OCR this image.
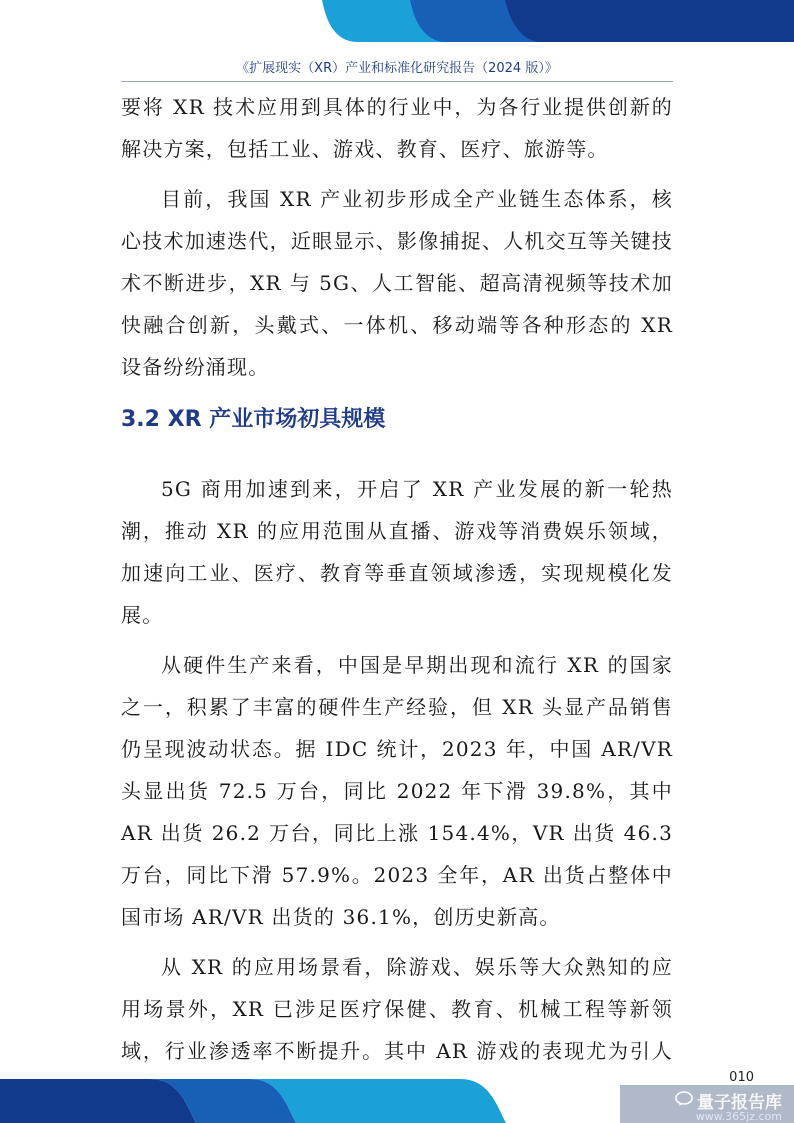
《扩展现实（XR）产业和标准化研究报告（2024 版）》

要将 XR 技术应用到具体的行业中，为各行业提供创新的解决方案，包括工业、游戏、教育、医疗、旅游等。

目前，我国 XR 产业初步形成全产业链生态体系，核心技术加速迭代，近眼显示、影像捕捉、人机交互等关键技术不断进步，XR 与 5G、人工智能、超高清视频等技术加快融合创新，头戴式、一体机、移动端等各种形态的 XR 设备纷纷涌现。

3.2 XR 产业市场初具规模

5G 商用加速到来，开启了 XR 产业发展的新一轮热潮，推动 XR 的应用范围从直播、游戏等消费娱乐领域，加速向工业、医疗、教育等垂直领域渗透，实现规模化发展。

从硬件生产来看，中国是早期出现和流行 XR 的国家之一，积累了丰富的硬件生产经验，但 XR 头显产品销售仍呈现波动状态。据 IDC 统计，2023 年，中国 AR/VR 头显出货 72.5 万台，同比 2022 年下滑 39.8%，其中 AR 出货 26.2 万台，同比上涨 154.4%，VR 出货 46.3 万台，同比下滑 57.9%。2023 全年，AR 出货占整体中国市场 AR/VR 出货的 36.1%，创历史新高。

从 XR 的应用场景看，除游戏、娱乐等大众熟知的应用场景外，XR 已涉足医疗保健、教育、机械工程等新领域，行业渗透率不断提升。其中 AR 游戏的表现尤为引人

010
量子报告库
www.365jz.com
